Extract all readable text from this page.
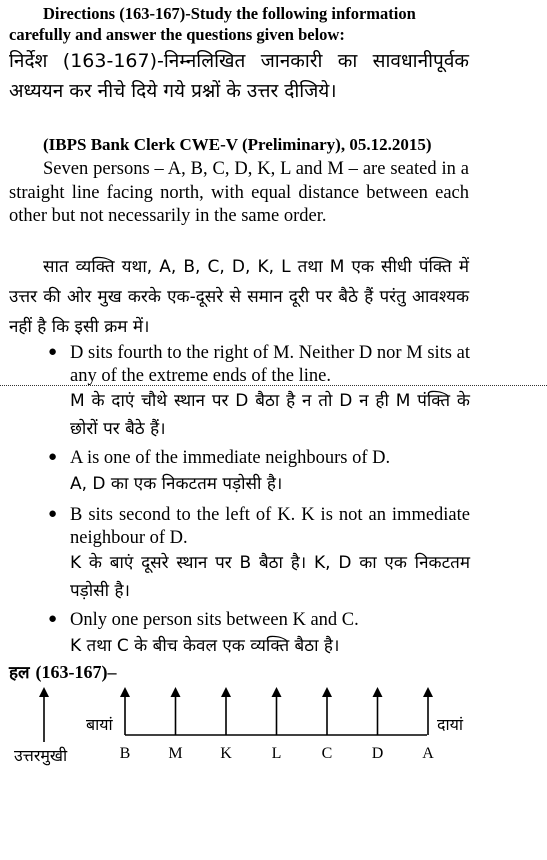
Directions (163-167)-Study the following information
carefully and answer the questions given below:
निर्देश (163-167)-निम्नलिखित जानकारी का सावधानीपूर्वक अध्ययन कर नीचे दिये गये प्रश्नों के उत्तर दीजिये।
(IBPS Bank Clerk CWE-V (Preliminary), 05.12.2015)
Seven persons – A, B, C, D, K, L and M – are seated in a straight line facing north, with equal distance between each other but not necessarily in the same order.
सात व्यक्ति यथा, A, B, C, D, K, L तथा M एक सीधी पंक्ति में उत्तर की ओर मुख करके एक-दूसरे से समान दूरी पर बैठे हैं परंतु आवश्यक नहीं है कि इसी क्रम में।
● D sits fourth to the right of M. Neither D nor M sits at any of the extreme ends of the line.
M के दाएं चौथे स्थान पर D बैठा है न तो D न ही M पंक्ति के छोरों पर बैठे हैं।
● A is one of the immediate neighbours of D.
A, D का एक निकटतम पड़ोसी है।
● B sits second to the left of K. K is not an immediate neighbour of D.
K के बाएं दूसरे स्थान पर B बैठा है। K, D का एक निकटतम पड़ोसी है।
● Only one person sits between K and C.
K तथा C के बीच केवल एक व्यक्ति बैठा है।
हल (163-167)–
उत्तरमुखी
बायां	दायां
B M K L	C D A
